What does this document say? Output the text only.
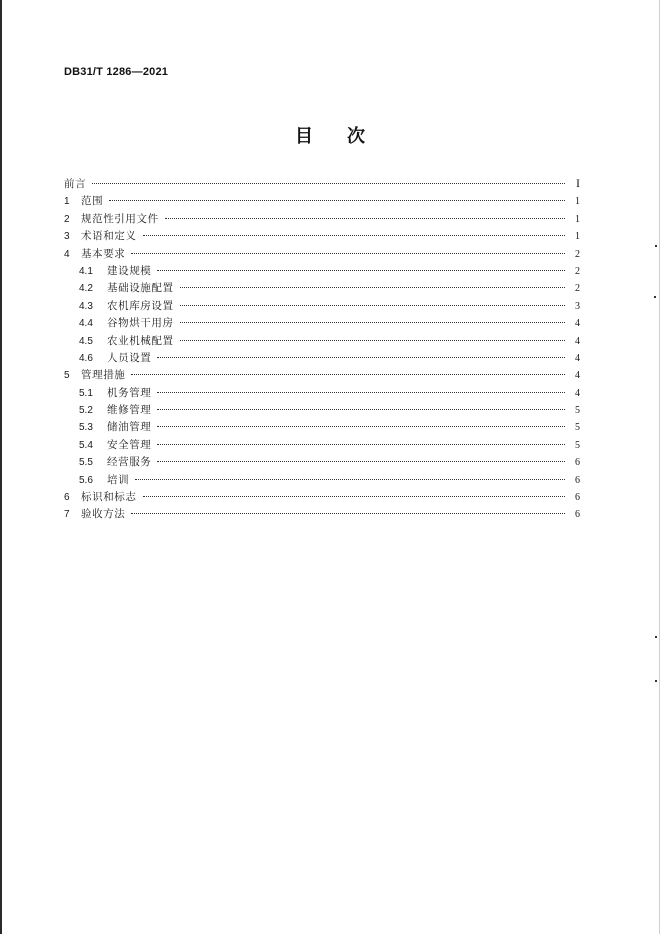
DB31/T 1286—2021
目次
前言	I
1	范围	1
2	规范性引用文件	1
3	术语和定义	1
4	基本要求	2
4.1	建设规模	2
4.2	基础设施配置	2
4.3	农机库房设置	3
4.4	谷物烘干用房	4
4.5	农业机械配置	4
4.6	人员设置	4
5	管理措施	4
5.1	机务管理	4
5.2	维修管理	5
5.3	储油管理	5
5.4	安全管理	5
5.5	经营服务	6
5.6	培训	6
6	标识和标志	6
7	验收方法	6
